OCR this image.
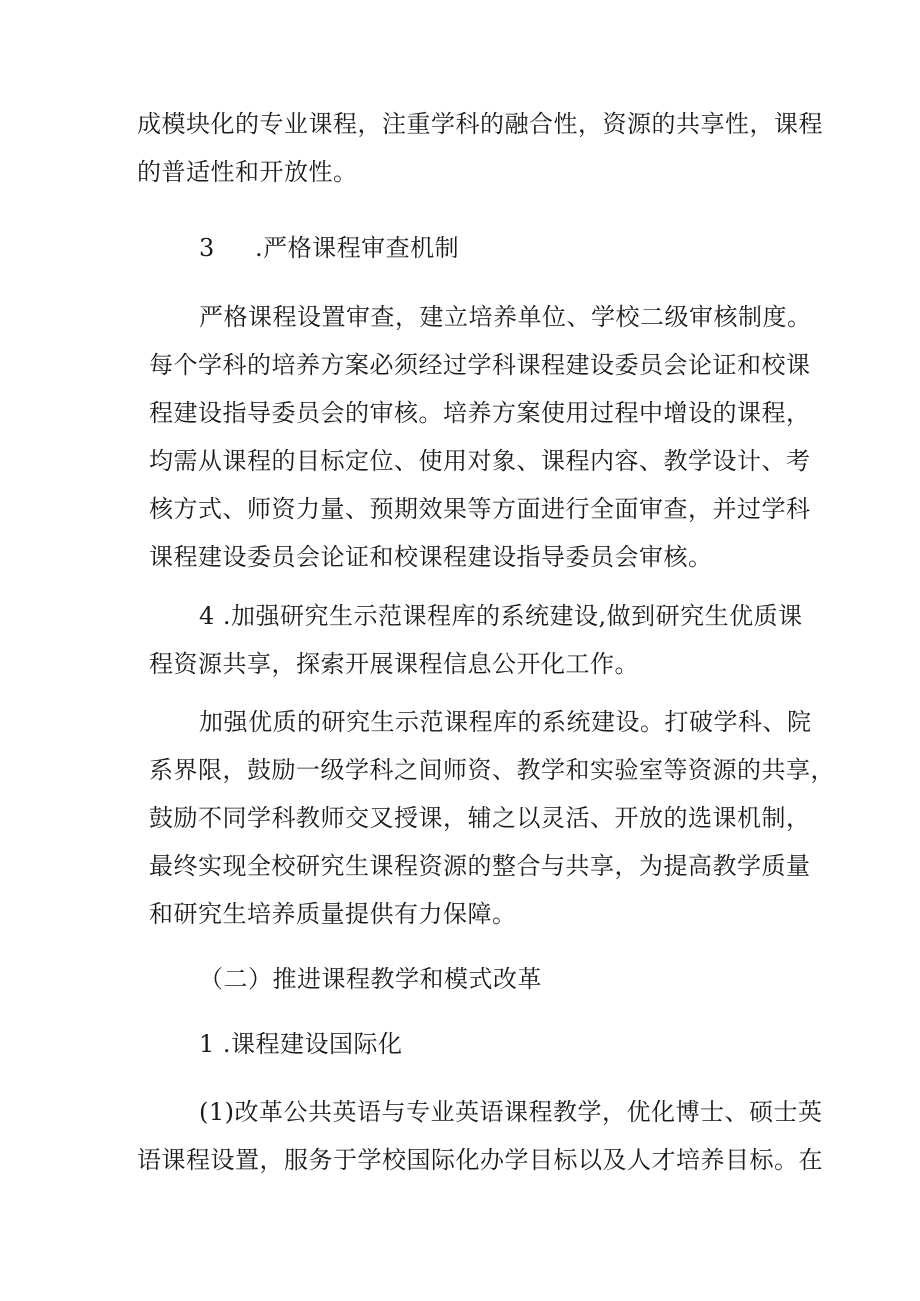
成模块化的专业课程，注重学科的融合性，资源的共享性，课程
的普适性和开放性。
3 .严格课程审查机制
严格课程设置审查，建立培养单位、学校二级审核制度。
每个学科的培养方案必须经过学科课程建设委员会论证和校课
程建设指导委员会的审核。培养方案使用过程中增设的课程，
均需从课程的目标定位、使用对象、课程内容、教学设计、考
核方式、师资力量、预期效果等方面进行全面审查，并过学科
课程建设委员会论证和校课程建设指导委员会审核。
4 .加强研究生示范课程库的系统建设,做到研究生优质课
程资源共享，探索开展课程信息公开化工作。
加强优质的研究生示范课程库的系统建设。打破学科、院
系界限，鼓励一级学科之间师资、教学和实验室等资源的共享，
鼓励不同学科教师交叉授课，辅之以灵活、开放的选课机制，
最终实现全校研究生课程资源的整合与共享，为提高教学质量
和研究生培养质量提供有力保障。
（二）推进课程教学和模式改革
1 .课程建设国际化
(1)改革公共英语与专业英语课程教学，优化博士、硕士英
语课程设置，服务于学校国际化办学目标以及人才培养目标。在
